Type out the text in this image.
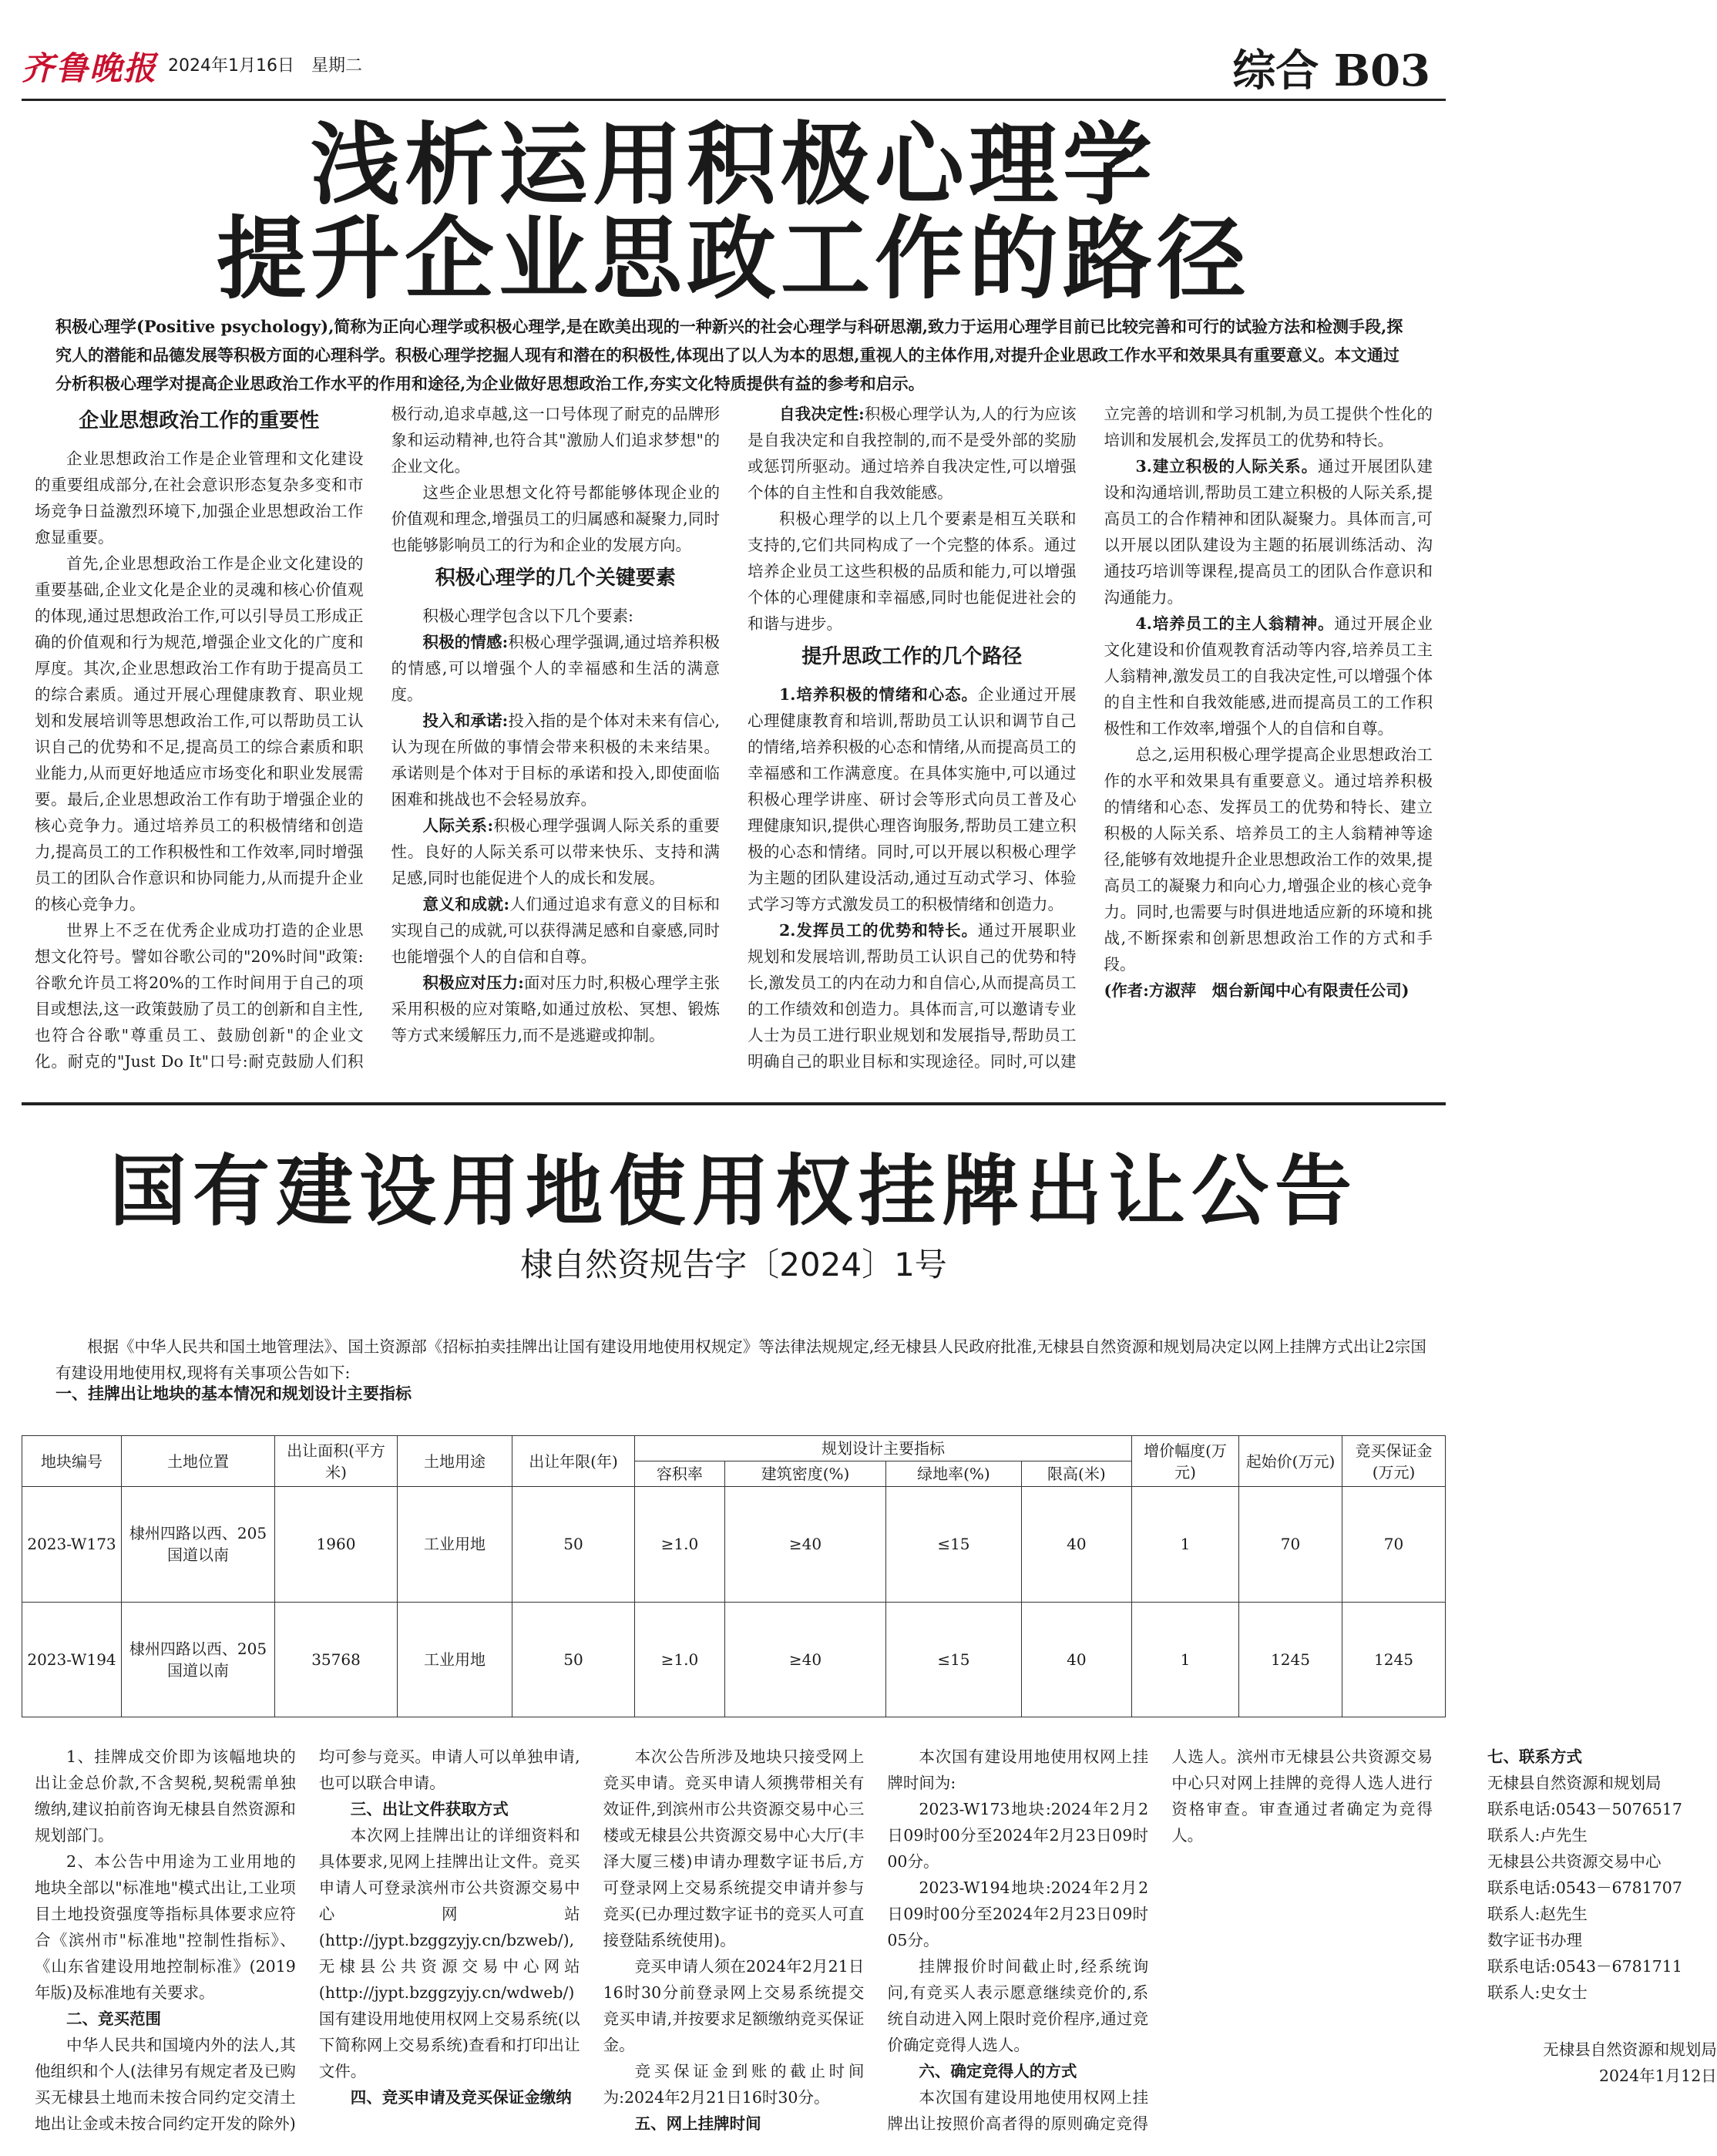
齐鲁晚报 2024年1月16日　星期二	综合 B03
浅析运用积极心理学
提升企业思政工作的路径
积极心理学(Positive psychology),简称为正向心理学或积极心理学,是在欧美出现的一种新兴的社会心理学与科研思潮,致力于运用心理学目前已比较完善和可行的试验方法和检测手段,探究人的潜能和品德发展等积极方面的心理科学。积极心理学挖掘人现有和潜在的积极性,体现出了以人为本的思想,重视人的主体作用,对提升企业思政工作水平和效果具有重要意义。本文通过分析积极心理学对提高企业思政治工作水平的作用和途径,为企业做好思想政治工作,夯实文化特质提供有益的参考和启示。
企业思想政治工作的重要性

企业思想政治工作是企业管理和文化建设的重要组成部分,在社会意识形态复杂多变和市场竞争日益激烈环境下,加强企业思想政治工作愈显重要。

首先,企业思想政治工作是企业文化建设的重要基础,企业文化是企业的灵魂和核心价值观的体现,通过思想政治工作,可以引导员工形成正确的价值观和行为规范,增强企业文化的广度和厚度。其次,企业思想政治工作有助于提高员工的综合素质。通过开展心理健康教育、职业规划和发展培训等思想政治工作,可以帮助员工认识自己的优势和不足,提高员工的综合素质和职业能力,从而更好地适应市场变化和职业发展需要。最后,企业思想政治工作有助于增强企业的核心竞争力。通过培养员工的积极情绪和创造力,提高员工的工作积极性和工作效率,同时增强员工的团队合作意识和协同能力,从而提升企业的核心竞争力。

世界上不乏在优秀企业成功打造的企业思想文化符号。譬如谷歌公司的"20%时间"政策:谷歌允许员工将20%的工作时间用于自己的项目或想法,这一政策鼓励了员工的创新和自主性,也符合谷歌"尊重员工、鼓励创新"的企业文化。耐克的"Just Do It"口号:耐克鼓励人们积极行动,追求卓越,这一口号体现了耐克的品牌形象和运动精神,也符合其"激励人们追求梦想"的企业文化。

这些企业思想文化符号都能够体现企业的价值观和理念,增强员工的归属感和凝聚力,同时也能够影响员工的行为和企业的发展方向。

积极心理学的几个关键要素

积极心理学包含以下几个要素:

积极的情感:积极心理学强调,通过培养积极的情感,可以增强个人的幸福感和生活的满意度。

投入和承诺:投入指的是个体对未来有信心,认为现在所做的事情会带来积极的未来结果。承诺则是个体对于目标的承诺和投入,即使面临困难和挑战也不会轻易放弃。

人际关系:积极心理学强调人际关系的重要性。良好的人际关系可以带来快乐、支持和满足感,同时也能促进个人的成长和发展。

意义和成就:人们通过追求有意义的目标和实现自己的成就,可以获得满足感和自豪感,同时也能增强个人的自信和自尊。

积极应对压力:面对压力时,积极心理学主张采用积极的应对策略,如通过放松、冥想、锻炼等方式来缓解压力,而不是逃避或抑制。

自我决定性:积极心理学认为,人的行为应该是自我决定和自我控制的,而不是受外部的奖励或惩罚所驱动。通过培养自我决定性,可以增强个体的自主性和自我效能感。

积极心理学的以上几个要素是相互关联和支持的,它们共同构成了一个完整的体系。通过培养企业员工这些积极的品质和能力,可以增强个体的心理健康和幸福感,同时也能促进社会的和谐与进步。

提升思政工作的几个路径

1.培养积极的情绪和心态。企业通过开展心理健康教育和培训,帮助员工认识和调节自己的情绪,培养积极的心态和情绪,从而提高员工的幸福感和工作满意度。在具体实施中,可以通过积极心理学讲座、研讨会等形式向员工普及心理健康知识,提供心理咨询服务,帮助员工建立积极的心态和情绪。同时,可以开展以积极心理学为主题的团队建设活动,通过互动式学习、体验式学习等方式激发员工的积极情绪和创造力。

2.发挥员工的优势和特长。通过开展职业规划和发展培训,帮助员工认识自己的优势和特长,激发员工的内在动力和自信心,从而提高员工的工作绩效和创造力。具体而言,可以邀请专业人士为员工进行职业规划和发展指导,帮助员工明确自己的职业目标和实现途径。同时,可以建立完善的培训和学习机制,为员工提供个性化的培训和发展机会,发挥员工的优势和特长。

3.建立积极的人际关系。通过开展团队建设和沟通培训,帮助员工建立积极的人际关系,提高员工的合作精神和团队凝聚力。具体而言,可以开展以团队建设为主题的拓展训练活动、沟通技巧培训等课程,提高员工的团队合作意识和沟通能力。

4.培养员工的主人翁精神。通过开展企业文化建设和价值观教育活动等内容,培养员工主人翁精神,激发员工的自我决定性,可以增强个体的自主性和自我效能感,进而提高员工的工作积极性和工作效率,增强个人的自信和自尊。

总之,运用积极心理学提高企业思想政治工作的水平和效果具有重要意义。通过培养积极的情绪和心态、发挥员工的优势和特长、建立积极的人际关系、培养员工的主人翁精神等途径,能够有效地提升企业思想政治工作的效果,提高员工的凝聚力和向心力,增强企业的核心竞争力。同时,也需要与时俱进地适应新的环境和挑战,不断探索和创新思想政治工作的方式和手段。

(作者:方淑萍　烟台新闻中心有限责任公司)

国有建设用地使用权挂牌出让公告
棣自然资规告字〔2024〕1号
根据《中华人民共和国土地管理法》、国土资源部《招标拍卖挂牌出让国有建设用地使用权规定》等法律法规规定,经无棣县人民政府批准,无棣县自然资源和规划局决定以网上挂牌方式出让2宗国有建设用地使用权,现将有关事项公告如下:
一、挂牌出让地块的基本情况和规划设计主要指标
地块编号	土地位置	出让面积(平方米)	土地用途	出让年限(年)	规划设计主要指标				增价幅度(万元)	起始价(万元)	竞买保证金(万元)
					容积率	建筑密度(%)	绿地率(%)	限高(米)			
2023-W173	棣州四路以西、205国道以南	1960	工业用地	50	≥1.0	≥40	≤15	40	1	70	70
2023-W194	棣州四路以西、205国道以南	35768	工业用地	50	≥1.0	≥40	≤15	40	1	1245	1245

1、挂牌成交价即为该幅地块的出让金总价款,不含契税,契税需单独缴纳,建议拍前咨询无棣县自然资源和规划部门。

2、本公告中用途为工业用地的地块全部以"标准地"模式出让,工业项目土地投资强度等指标具体要求应符合《滨州市"标准地"控制性指标》、《山东省建设用地控制标准》(2019年版)及标准地有关要求。

二、竞买范围

中华人民共和国境内外的法人,其他组织和个人(法律另有规定者及已购买无棣县土地而未按合同约定交清土地出让金或未按合同约定开发的除外)均可参与竞买。申请人可以单独申请,也可以联合申请。

三、出让文件获取方式

本次网上挂牌出让的详细资料和具体要求,见网上挂牌出让文件。竞买申请人可登录滨州市公共资源交易中心网站(http://jypt.bzggzyjy.cn/bzweb/),无棣县公共资源交易中心网站(http://jypt.bzggzyjy.cn/wdweb/)国有建设用地使用权网上交易系统(以下简称网上交易系统)查看和打印出让文件。

四、竞买申请及竞买保证金缴纳

本次公告所涉及地块只接受网上竞买申请。竞买申请人须携带相关有效证件,到滨州市公共资源交易中心三楼或无棣县公共资源交易中心大厅(丰泽大厦三楼)申请办理数字证书后,方可登录网上交易系统提交申请并参与竞买(已办理过数字证书的竞买人可直接登陆系统使用)。

竞买申请人须在2024年2月21日16时30分前登录网上交易系统提交竞买申请,并按要求足额缴纳竞买保证金。

竞买保证金到账的截止时间为:2024年2月21日16时30分。

五、网上挂牌时间

本次国有建设用地使用权网上挂牌时间为:

2023-W173地块:2024年2月2日09时00分至2024年2月23日09时00分。

2023-W194地块:2024年2月2日09时00分至2024年2月23日09时05分。

挂牌报价时间截止时,经系统询问,有竞买人表示愿意继续竞价的,系统自动进入网上限时竞价程序,通过竞价确定竞得人选人。

六、确定竞得人的方式

本次国有建设用地使用权网上挂牌出让按照价高者得的原则确定竞得人选人。滨州市无棣县公共资源交易中心只对网上挂牌的竞得人选人进行资格审查。审查通过者确定为竞得人。

七、联系方式

无棣县自然资源和规划局

联系电话:0543－5076517

联系人:卢先生

无棣县公共资源交易中心

联系电话:0543－6781707

联系人:赵先生

数字证书办理

联系电话:0543－6781711

联系人:史女士

无棣县自然资源和规划局

2024年1月12日
